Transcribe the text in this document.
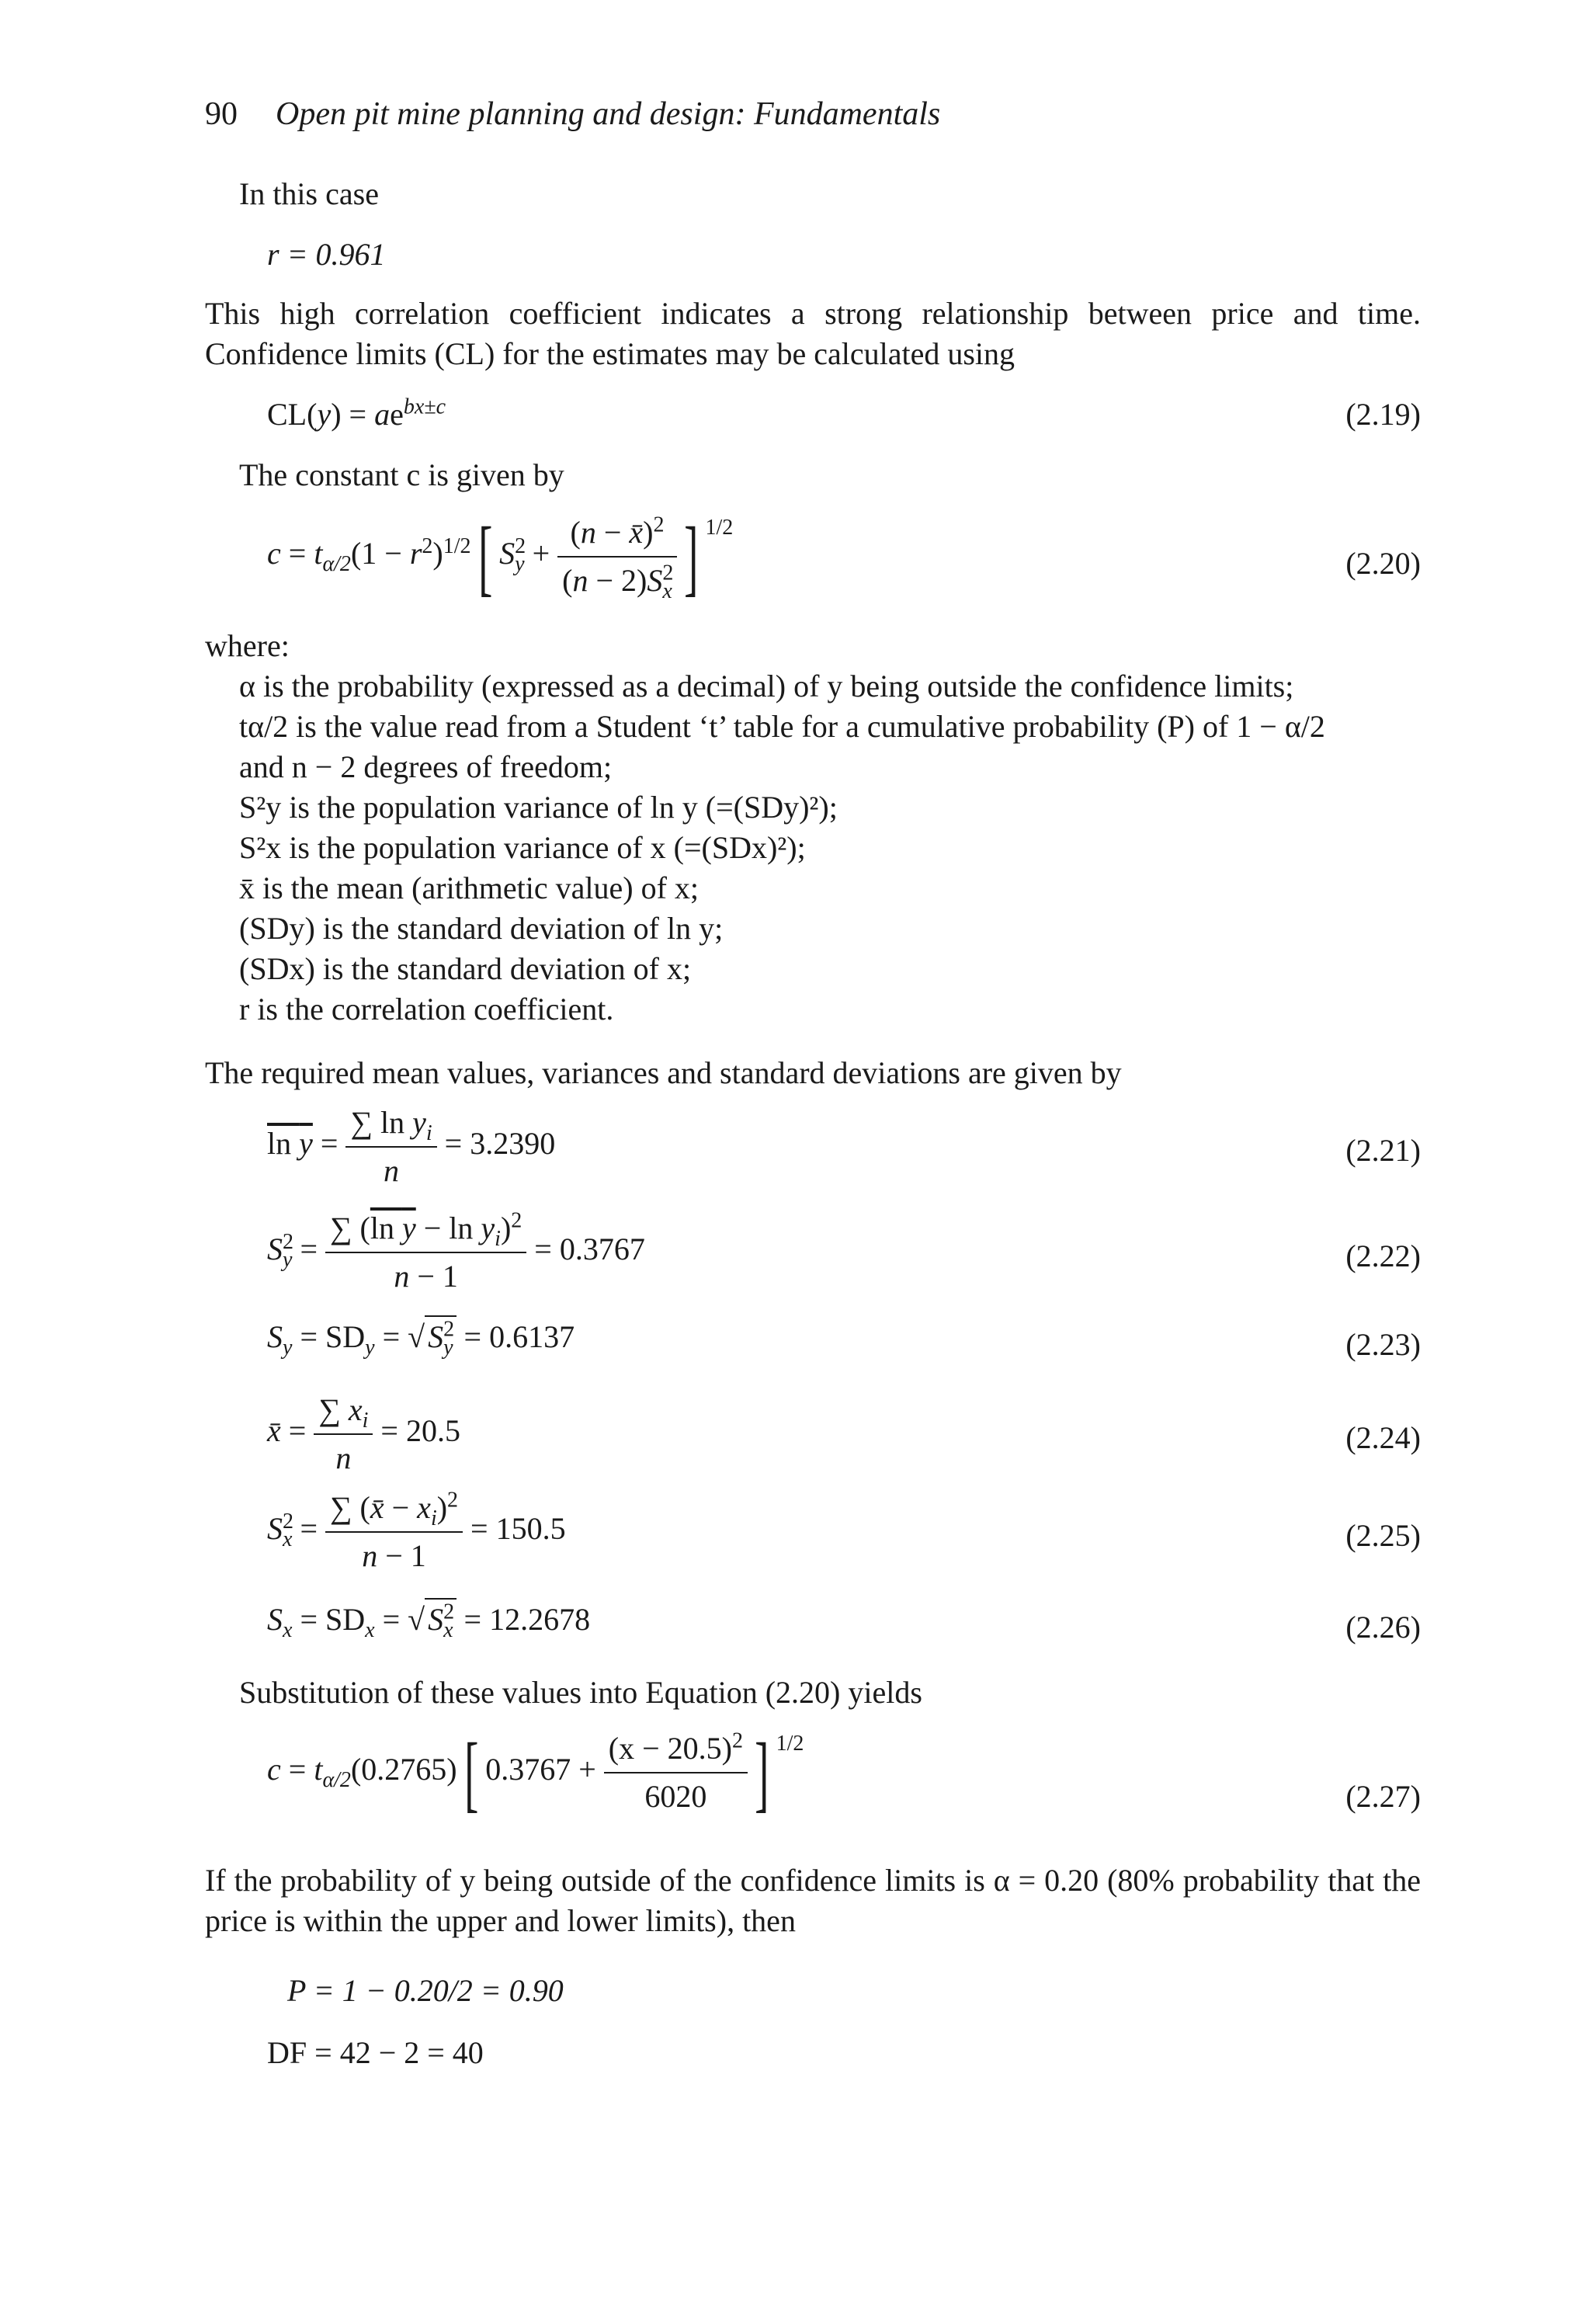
90 Open pit mine planning and design: Fundamentals
In this case
r = 0.961
This high correlation coefficient indicates a strong relationship between price and time. Confidence limits (CL) for the estimates may be calculated using
$CL(y) = ae^{bx\pm c}$	(2.19)
The constant c is given by
$c = t_{\alpha/2}(1 - r^2)^{1/2}$[ $S^2_y + \frac{(n - x̄)^2}{(n - 2)S^2_x}$ ] $^{1/2}$
(2.20)
where:
α is the probability (expressed as a decimal) of y being outside the confidence limits;
tα/2 is the value read from a Student ‘t’ table for a cumulative probability (P) of 1 − α/2
and n − 2 degrees of freedom;
S²y is the population variance of ln y (=(SDy)²);
S²x is the population variance of x (=(SDx)²);
x̄ is the mean (arithmetic value) of x;
(SDy) is the standard deviation of ln y;
(SDx) is the standard deviation of x;
r is the correlation coefficient.
The required mean values, variances and standard deviations are given by
$\ln y = \frac{\sum \ln y_i}{n} = 3.2390$	(2.21)
$S^2_y = \frac{\sum (\ln y - \ln y_i)^2}{n - 1} = 0.3767$	(2.22)
$S_y = SD_y$ = √ $S^2_y = 0.6137$	(2.23)
x̄ = $\frac{\sum x_i}{n} = 20.5$	(2.24)
$S^2_x = \frac{\sum (x̄ - x_i)^2}{n - 1} = 150.5$	(2.25)
$S_x = SD_x$ = √ $S^2_x = 12.2678$	(2.26)
Substitution of these values into Equation (2.20) yields
$c = t_{\alpha/2}(0.2765)$[ $0.3767 + \frac{(x - 20.5)^2}{6020}$ ] $^{1/2}$
(2.27)
If the probability of y being outside of the confidence limits is α = 0.20 (80% probability that the price is within the upper and lower limits), then
P = 1 − 0.20/2 = 0.90
DF = 42 − 2 = 40
